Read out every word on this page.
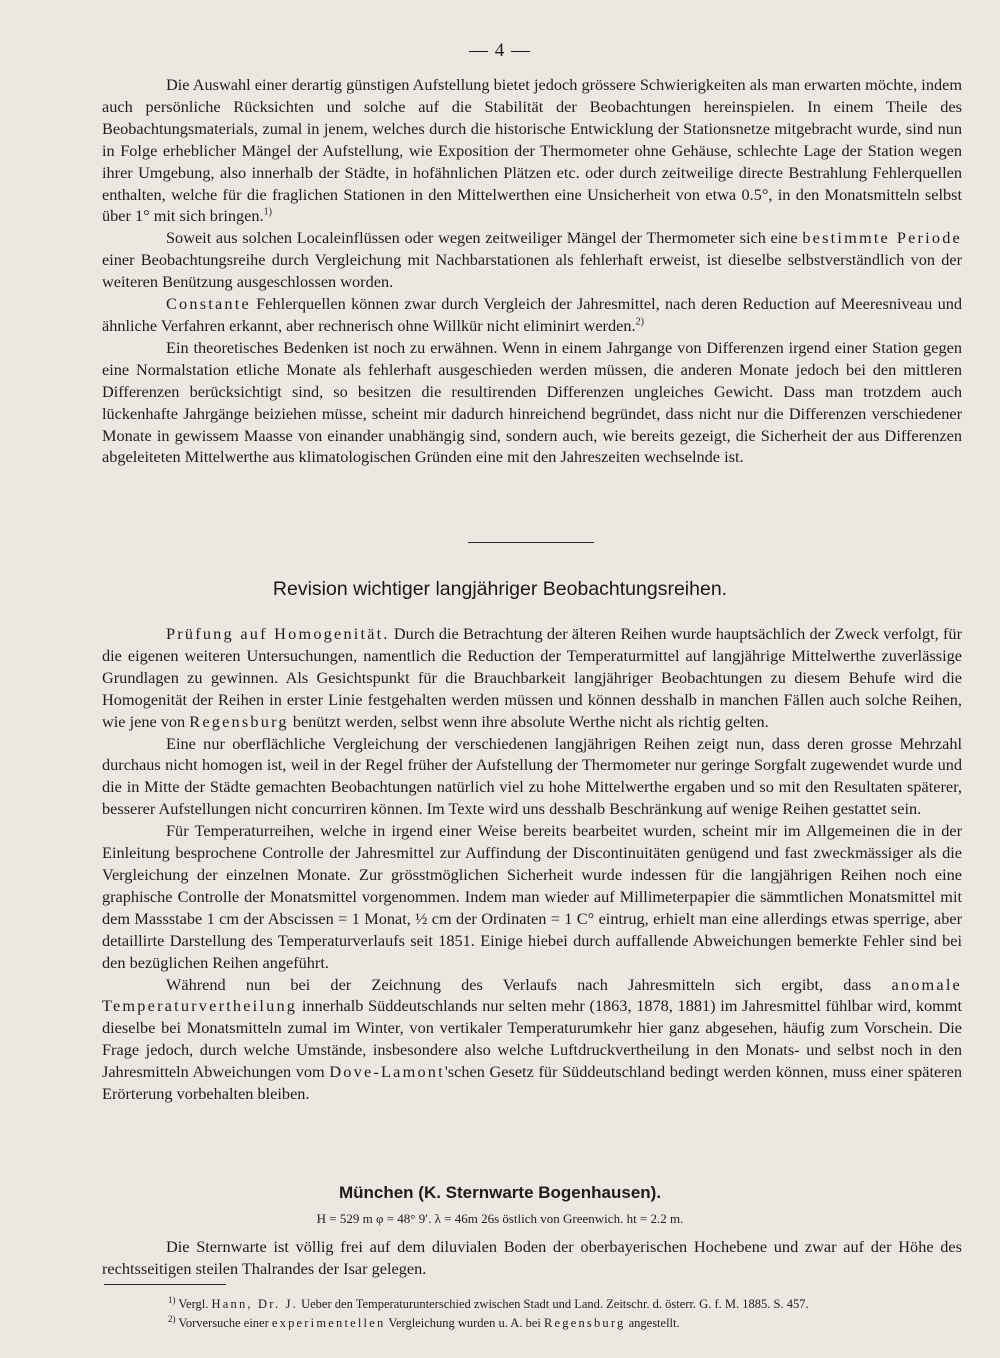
— 4 —

Die Auswahl einer derartig günstigen Aufstellung bietet jedoch grössere Schwierigkeiten als man erwarten möchte, indem auch persönliche Rücksichten und solche auf die Stabilität der Beobachtungen hereinspielen. In einem Theile des Beobachtungsmaterials, zumal in jenem, welches durch die historische Entwicklung der Stationsnetze mitgebracht wurde, sind nun in Folge erheblicher Mängel der Aufstellung, wie Exposition der Thermometer ohne Gehäuse, schlechte Lage der Station wegen ihrer Umgebung, also innerhalb der Städte, in hofähnlichen Plätzen etc. oder durch zeitweilige directe Bestrahlung Fehlerquellen enthalten, welche für die fraglichen Stationen in den Mittelwerthen eine Unsicherheit von etwa 0.5°, in den Monatsmitteln selbst über 1° mit sich bringen.$^{1)}$

Soweit aus solchen Localeinflüssen oder wegen zeitweiliger Mängel der Thermometer sich eine bestimmte Periode einer Beobachtungsreihe durch Vergleichung mit Nachbarstationen als fehlerhaft erweist, ist dieselbe selbstverständlich von der weiteren Benützung ausgeschlossen worden.

Constante Fehlerquellen können zwar durch Vergleich der Jahresmittel, nach deren Reduction auf Meeresniveau und ähnliche Verfahren erkannt, aber rechnerisch ohne Willkür nicht eliminirt werden.$^{2)}$

Ein theoretisches Bedenken ist noch zu erwähnen. Wenn in einem Jahrgange von Differenzen irgend einer Station gegen eine Normalstation etliche Monate als fehlerhaft ausgeschieden werden müssen, die anderen Monate jedoch bei den mittleren Differenzen berücksichtigt sind, so besitzen die resultirenden Differenzen ungleiches Gewicht. Dass man trotzdem auch lückenhafte Jahrgänge beiziehen müsse, scheint mir dadurch hinreichend begründet, dass nicht nur die Differenzen verschiedener Monate in gewissem Maasse von einander unabhängig sind, sondern auch, wie bereits gezeigt, die Sicherheit der aus Differenzen abgeleiteten Mittelwerthe aus klimatologischen Gründen eine mit den Jahreszeiten wechselnde ist.

Revision wichtiger langjähriger Beobachtungsreihen.

Prüfung auf Homogenität. Durch die Betrachtung der älteren Reihen wurde hauptsächlich der Zweck verfolgt, für die eigenen weiteren Untersuchungen, namentlich die Reduction der Temperaturmittel auf langjährige Mittelwerthe zuverlässige Grundlagen zu gewinnen. Als Gesichtspunkt für die Brauchbarkeit langjähriger Beobachtungen zu diesem Behufe wird die Homogenität der Reihen in erster Linie festgehalten werden müssen und können desshalb in manchen Fällen auch solche Reihen, wie jene von Regensburg benützt werden, selbst wenn ihre absolute Werthe nicht als richtig gelten.

Eine nur oberflächliche Vergleichung der verschiedenen langjährigen Reihen zeigt nun, dass deren grosse Mehrzahl durchaus nicht homogen ist, weil in der Regel früher der Aufstellung der Thermometer nur geringe Sorgfalt zugewendet wurde und die in Mitte der Städte gemachten Beobachtungen natürlich viel zu hohe Mittelwerthe ergaben und so mit den Resultaten späterer, besserer Aufstellungen nicht concurriren können. Im Texte wird uns desshalb Beschränkung auf wenige Reihen gestattet sein.

Für Temperaturreihen, welche in irgend einer Weise bereits bearbeitet wurden, scheint mir im Allgemeinen die in der Einleitung besprochene Controlle der Jahresmittel zur Auffindung der Discontinuitäten genügend und fast zweckmässiger als die Vergleichung der einzelnen Monate. Zur grösstmöglichen Sicherheit wurde indessen für die langjährigen Reihen noch eine graphische Controlle der Monatsmittel vorgenommen. Indem man wieder auf Millimeterpapier die sämmtlichen Monatsmittel mit dem Massstabe 1 cm der Abscissen = 1 Monat, ½ cm der Ordinaten = 1 C° eintrug, erhielt man eine allerdings etwas sperrige, aber detaillirte Darstellung des Temperaturverlaufs seit 1851. Einige hiebei durch auffallende Abweichungen bemerkte Fehler sind bei den bezüglichen Reihen angeführt.

Während nun bei der Zeichnung des Verlaufs nach Jahresmitteln sich ergibt, dass anomale Temperaturvertheilung innerhalb Süddeutschlands nur selten mehr (1863, 1878, 1881) im Jahresmittel fühlbar wird, kommt dieselbe bei Monatsmitteln zumal im Winter, von vertikaler Temperaturumkehr hier ganz abgesehen, häufig zum Vorschein. Die Frage jedoch, durch welche Umstände, insbesondere also welche Luftdruckvertheilung in den Monats- und selbst noch in den Jahresmitteln Abweichungen vom Dove-Lamont'schen Gesetz für Süddeutschland bedingt werden können, muss einer späteren Erörterung vorbehalten bleiben.

München (K. Sternwarte Bogenhausen).
H = 529 m φ = 48° 9′. λ = 46m 26s östlich von Greenwich. ht = 2.2 m.

Die Sternwarte ist völlig frei auf dem diluvialen Boden der oberbayerischen Hochebene und zwar auf der Höhe des rechtsseitigen steilen Thalrandes der Isar gelegen.

$^{1)}$ Vergl. Hann, Dr. J. Ueber den Temperaturunterschied zwischen Stadt und Land. Zeitschr. d. österr. G. f. M. 1885. S. 457.
$^{2)}$ Vorversuche einer experimentellen Vergleichung wurden u. A. bei Regensburg angestellt.
